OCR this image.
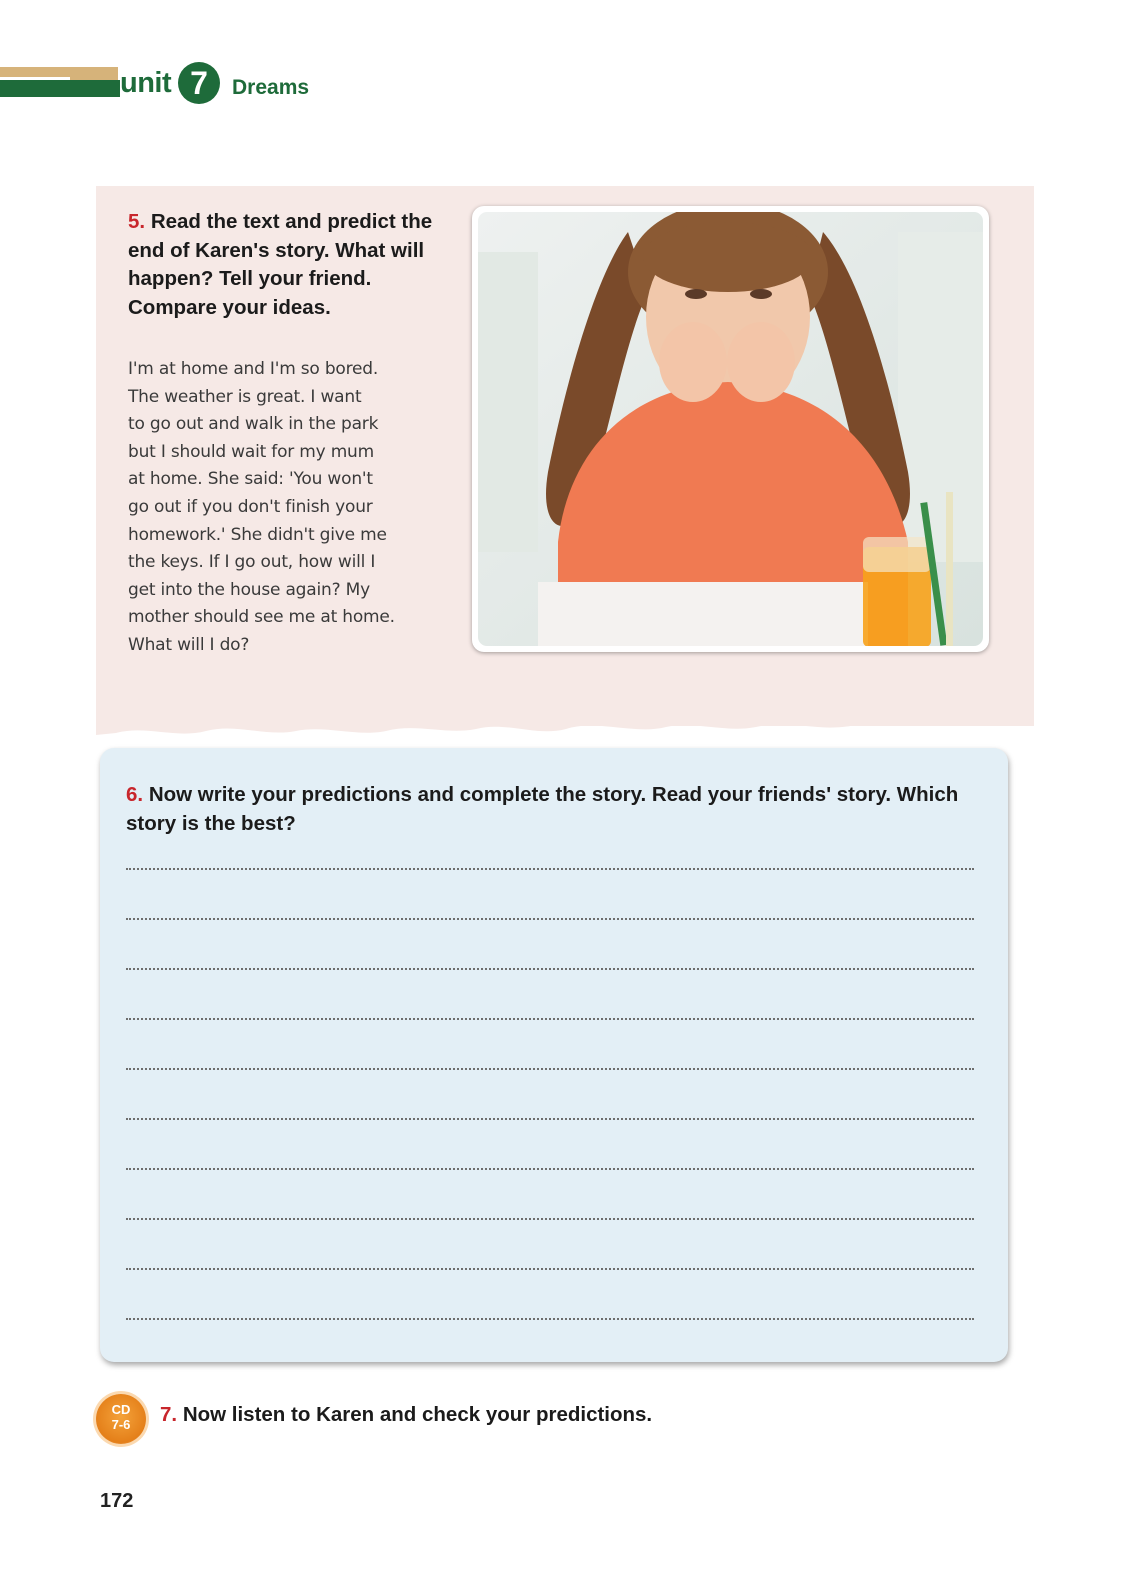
unit 7	Dreams
5. Read the text and predict the end of Karen's story. What will happen? Tell your friend. Compare your ideas.
I'm at home and I'm so bored.
The weather is great. I want
to go out and walk in the park
but I should wait for my mum
at home. She said: 'You won't
go out if you don't finish your
homework.' She didn't give me
the keys. If I go out, how will I
get into the house again? My
mother should see me at home.
What will I do?
6. Now write your predictions and complete the story. Read your friends' story. Which story is the best?
CD
7-6	7. Now listen to Karen and check your predictions.
172
